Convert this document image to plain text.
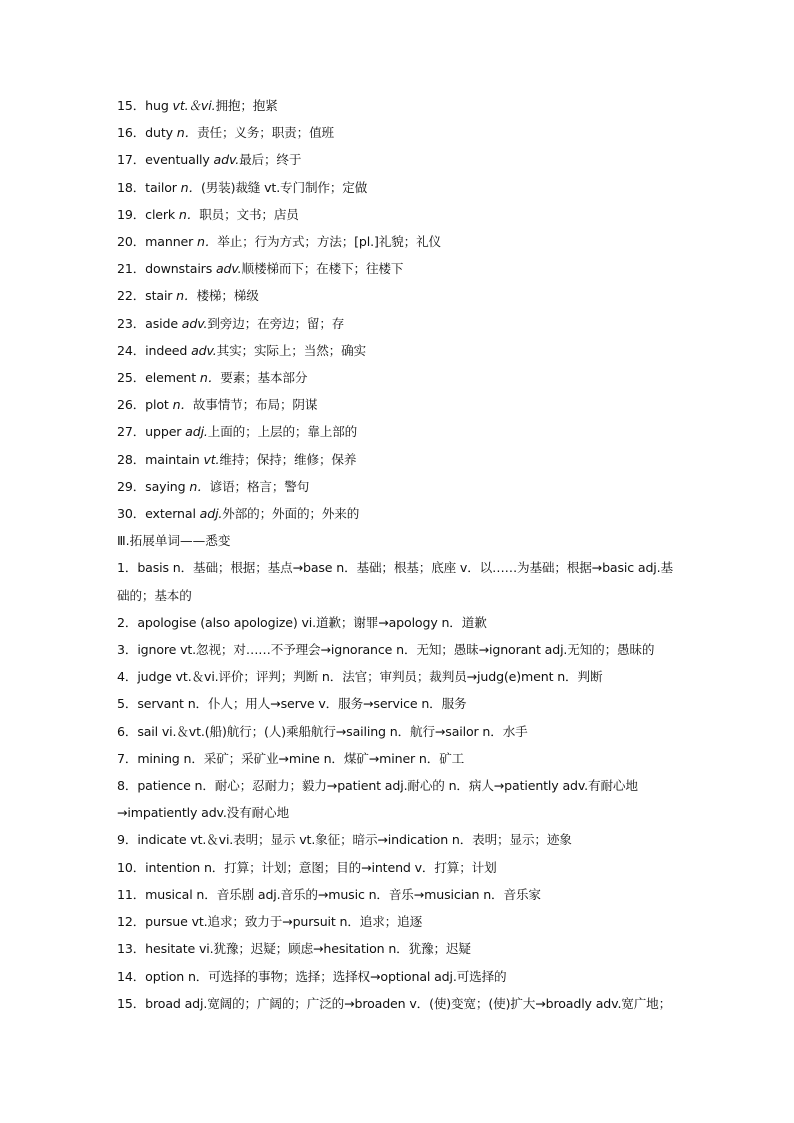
15．hug vt.＆vi.拥抱；抱紧
16．duty n．责任；义务；职责；值班
17．eventually adv.最后；终于
18．tailor n．(男装)裁缝 vt.专门制作；定做
19．clerk n．职员；文书；店员
20．manner n．举止；行为方式；方法；[pl.]礼貌；礼仪
21．downstairs adv.顺楼梯而下；在楼下；往楼下
22．stair n．楼梯；梯级
23．aside adv.到旁边；在旁边；留；存
24．indeed adv.其实；实际上；当然；确实
25．element n．要素；基本部分
26．plot n．故事情节；布局；阴谋
27．upper adj.上面的；上层的；靠上部的
28．maintain vt.维持；保持；维修；保养
29．saying n．谚语；格言；警句
30．external adj.外部的；外面的；外来的
Ⅲ.拓展单词——悉变
1．basis n．基础；根据；基点→base n．基础；根基；底座 v．以……为基础；根据→basic adj.基础的；基本的
2．apologise (also apologize) vi.道歉；谢罪→apology n．道歉
3．ignore vt.忽视；对……不予理会→ignorance n．无知；愚昧→ignorant adj.无知的；愚昧的
4．judge vt.＆vi.评价；评判；判断 n．法官；审判员；裁判员→judg(e)ment n．判断
5．servant n．仆人；用人→serve v．服务→service n．服务
6．sail vi.＆vt.(船)航行；(人)乘船航行→sailing n．航行→sailor n．水手
7．mining n．采矿；采矿业→mine n．煤矿→miner n．矿工
8．patience n．耐心；忍耐力；毅力→patient adj.耐心的 n．病人→patiently adv.有耐心地→impatiently adv.没有耐心地
9．indicate vt.＆vi.表明；显示 vt.象征；暗示→indication n．表明；显示；迹象
10．intention n．打算；计划；意图；目的→intend v．打算；计划
11．musical n．音乐剧 adj.音乐的→music n．音乐→musician n．音乐家
12．pursue vt.追求；致力于→pursuit n．追求；追逐
13．hesitate vi.犹豫；迟疑；顾虑→hesitation n．犹豫；迟疑
14．option n．可选择的事物；选择；选择权→optional adj.可选择的
15．broad adj.宽阔的；广阔的；广泛的→broaden v．(使)变宽；(使)扩大→broadly adv.宽广地；
